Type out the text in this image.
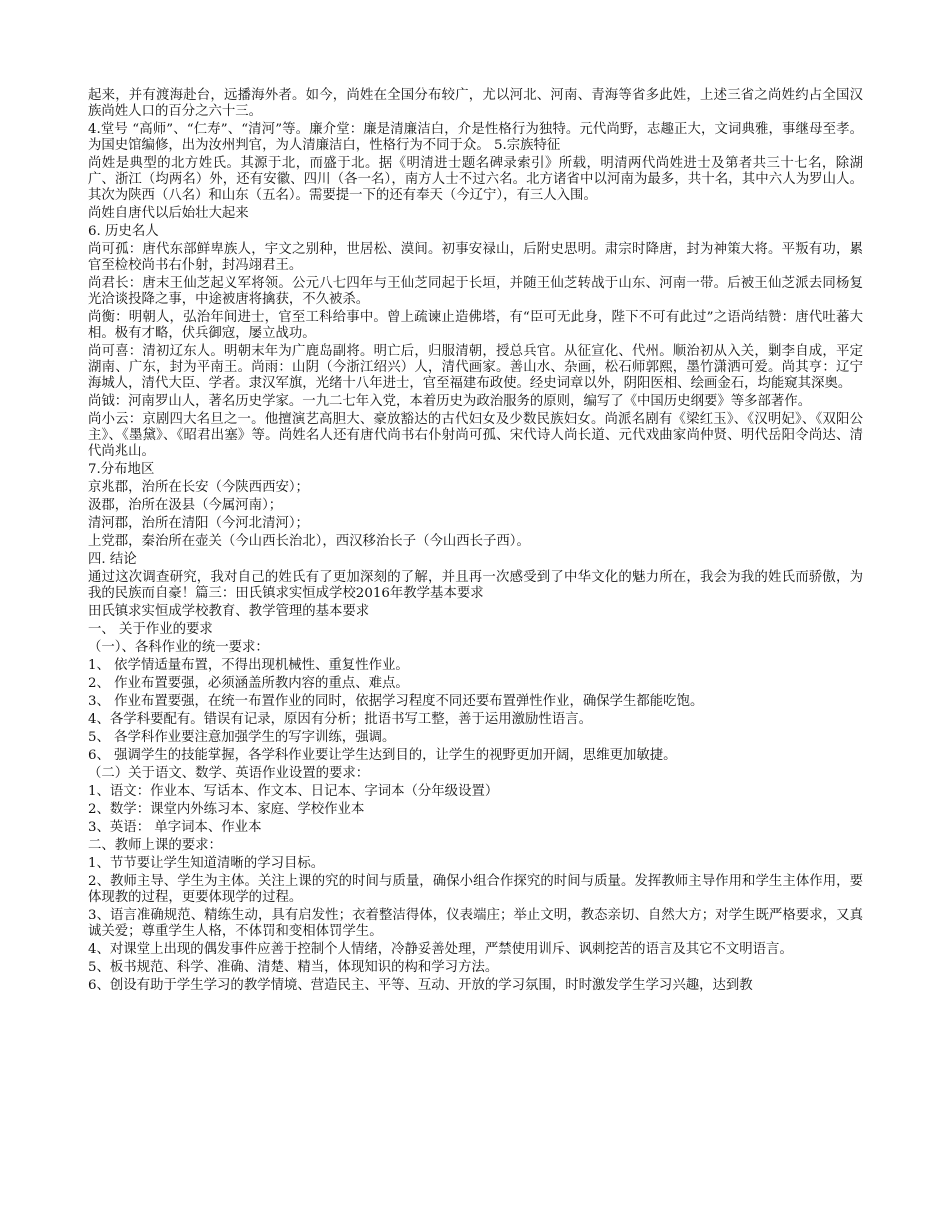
起来，并有渡海赴台，远播海外者。如今，尚姓在全国分布较广，尤以河北、河南、青海等省多此姓，上述三省之尚姓约占全国汉族尚姓人口的百分之六十三。

4.堂号 “高师”、“仁寿”、“清河”等。廉介堂：廉是清廉洁白，介是性格行为独特。元代尚野，志趣正大，文词典雅，事继母至孝。为国史馆编修，出为汝州判官，为人清廉洁白，性格行为不同于众。 5.宗族特征

尚姓是典型的北方姓氏。其源于北，而盛于北。据《明清进士题名碑录索引》所载，明清两代尚姓进士及第者共三十七名，除湖广、浙江（均两名）外，还有安徽、四川（各一名），南方人士不过六名。北方诸省中以河南为最多，共十名，其中六人为罗山人。其次为陕西（八名）和山东（五名）。需要提一下的还有奉天（今辽宁），有三人入围。

尚姓自唐代以后始壮大起来

6. 历史名人

尚可孤：唐代东部鲜卑族人，宇文之别种，世居松、漠间。初事安禄山，后附史思明。肃宗时降唐，封为神策大将。平叛有功，累官至检校尚书右仆射，封冯翊君王。

尚君长：唐末王仙芝起义军将领。公元八七四年与王仙芝同起于长垣，并随王仙芝转战于山东、河南一带。后被王仙芝派去同杨复光洽谈投降之事，中途被唐将擒获，不久被杀。

尚衡：明朝人，弘治年间进士，官至工科给事中。曾上疏谏止造佛塔，有“臣可无此身，陛下不可有此过”之语尚结赞：唐代吐蕃大相。极有才略，伏兵御寇，屡立战功。

尚可喜：清初辽东人。明朝末年为广鹿岛副将。明亡后，归服清朝，授总兵官。从征宣化、代州。顺治初从入关，剿李自成，平定湖南、广东，封为平南王。尚雨：山阴（今浙江绍兴）人，清代画家。善山水、杂画，松石师郭熙，墨竹潇洒可爱。尚其亨：辽宁海城人，清代大臣、学者。隶汉军旗，光绪十八年进士，官至福建布政使。经史词章以外，阴阳医相、绘画金石，均能窥其深奥。

尚钺：河南罗山人，著名历史学家。一九二七年入党，本着历史为政治服务的原则，编写了《中国历史纲要》等多部著作。

尚小云：京剧四大名旦之一。他擅演艺高胆大、豪放豁达的古代妇女及少数民族妇女。尚派名剧有《梁红玉》、《汉明妃》、《双阳公主》、《墨黛》、《昭君出塞》等。尚姓名人还有唐代尚书右仆射尚可孤、宋代诗人尚长道、元代戏曲家尚仲贤、明代岳阳令尚达、清代尚兆山。

7.分布地区

京兆郡，治所在长安（今陕西西安）；

汲郡，治所在汲县（今属河南）；

清河郡，治所在清阳（今河北清河）；

上党郡，秦治所在壶关（今山西长治北），西汉移治长子（今山西长子西）。

四. 结论

通过这次调查研究，我对自己的姓氏有了更加深刻的了解，并且再一次感受到了中华文化的魅力所在，我会为我的姓氏而骄傲，为我的民族而自豪！篇三：田氏镇求实恒成学校2016年教学基本要求

田氏镇求实恒成学校教育、教学管理的基本要求

一、 关于作业的要求

（一）、各科作业的统一要求：

1、 依学情适量布置，不得出现机械性、重复性作业。

2、 作业布置要强，必须涵盖所教内容的重点、难点。

3、 作业布置要强，在统一布置作业的同时，依据学习程度不同还要布置弹性作业，确保学生都能吃饱。

4、各学科要配有。错误有记录，原因有分析；批语书写工整，善于运用激励性语言。

5、 各学科作业要注意加强学生的写字训练，强调。

6、 强调学生的技能掌握，各学科作业要让学生达到目的，让学生的视野更加开阔，思维更加敏捷。

（二）关于语文、数学、英语作业设置的要求：

1、语文：作业本、写话本、作文本、日记本、字词本（分年级设置）

2、数学：课堂内外练习本、家庭、学校作业本

3、英语： 单字词本、作业本

二、教师上课的要求：

1、节节要让学生知道清晰的学习目标。

2、教师主导、学生为主体。关注上课的究的时间与质量，确保小组合作探究的时间与质量。发挥教师主导作用和学生主体作用，要体现教的过程，更要体现学的过程。

3、语言准确规范、精练生动，具有启发性；衣着整洁得体，仪表端庄；举止文明，教态亲切、自然大方；对学生既严格要求，又真诚关爱；尊重学生人格，不体罚和变相体罚学生。

4、对课堂上出现的偶发事件应善于控制个人情绪，冷静妥善处理，严禁使用训斥、讽刺挖苦的语言及其它不文明语言。

5、板书规范、科学、准确、清楚、精当，体现知识的构和学习方法。

6、创设有助于学生学习的教学情境、营造民主、平等、互动、开放的学习氛围，时时激发学生学习兴趣，达到教
